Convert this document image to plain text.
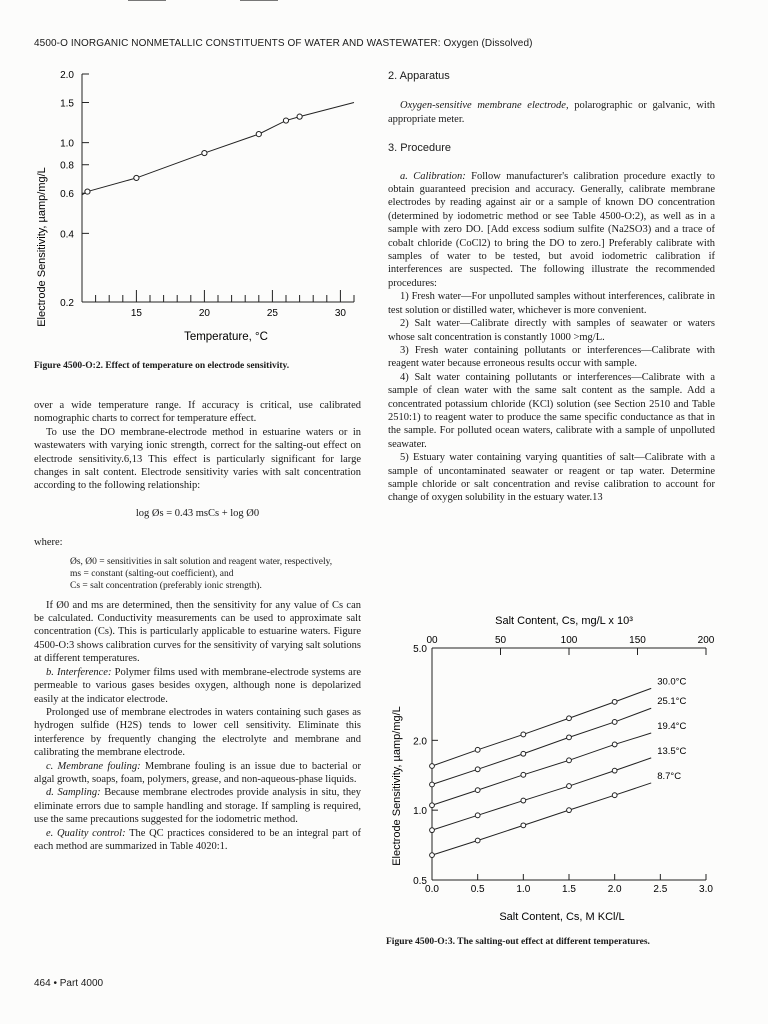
4500-O INORGANIC NONMETALLIC CONSTITUENTS OF WATER AND WASTEWATER: Oxygen (Dissolved)
Electrode Sensitivity, µamp/mg/L 0.2
0.4
0.6
0.8
1.0
1.5
2.0
15	20	25	30
Temperature, °C
Figure 4500-O:2. Effect of temperature on electrode sensitivity.

over a wide temperature range. If accuracy is critical, use calibrated nomographic charts to correct for temperature effect.

To use the DO membrane-electrode method in estuarine waters or in wastewaters with varying ionic strength, correct for the salting-out effect on electrode sensitivity.6,13 This effect is particularly significant for large changes in salt content. Electrode sensitivity varies with salt concentration according to the following relationship:

log Øs = 0.43 msCs + log Ø0

where:

Øs, Ø0 = sensitivities in salt solution and reagent water, respectively,

ms = constant (salting-out coefficient), and

Cs = salt concentration (preferably ionic strength).

If Ø0 and ms are determined, then the sensitivity for any value of Cs can be calculated. Conductivity measurements can be used to approximate salt concentration (Cs). This is particularly applicable to estuarine waters. Figure 4500-O:3 shows calibration curves for the sensitivity of varying salt solutions at different temperatures.

b. Interference: Polymer films used with membrane-electrode systems are permeable to various gases besides oxygen, although none is depolarized easily at the indicator electrode.

Prolonged use of membrane electrodes in waters containing such gases as hydrogen sulfide (H2S) tends to lower cell sensitivity. Eliminate this interference by frequently changing the electrolyte and membrane and calibrating the membrane electrode.

c. Membrane fouling: Membrane fouling is an issue due to bacterial or algal growth, soaps, foam, polymers, grease, and non-aqueous-phase liquids.

d. Sampling: Because membrane electrodes provide analysis in situ, they eliminate errors due to sample handling and storage. If sampling is required, use the same precautions suggested for the iodometric method.

e. Quality control: The QC practices considered to be an integral part of each method are summarized in Table 4020:1.

2. Apparatus

Oxygen-sensitive membrane electrode, polarographic or galvanic, with appropriate meter.

3. Procedure

a. Calibration: Follow manufacturer's calibration procedure exactly to obtain guaranteed precision and accuracy. Generally, calibrate membrane electrodes by reading against air or a sample of known DO concentration (determined by iodometric method or see Table 4500-O:2), as well as in a sample with zero DO. [Add excess sodium sulfite (Na2SO3) and a trace of cobalt chloride (CoCl2) to bring the DO to zero.] Preferably calibrate with samples of water to be tested, but avoid iodometric calibration if interferences are suspected. The following illustrate the recommended procedures:

1) Fresh water—For unpolluted samples without interferences, calibrate in test solution or distilled water, whichever is more convenient.

2) Salt water—Calibrate directly with samples of seawater or waters whose salt concentration is constantly 1000 >mg/L.

3) Fresh water containing pollutants or interferences—Calibrate with reagent water because erroneous results occur with sample.

4) Salt water containing pollutants or interferences—Calibrate with a sample of clean water with the same salt content as the sample. Add a concentrated potassium chloride (KCl) solution (see Section 2510 and Table 2510:1) to reagent water to produce the same specific conductance as that in the sample. For polluted ocean waters, calibrate with a sample of unpolluted seawater.

5) Estuary water containing varying quantities of salt—Calibrate with a sample of uncontaminated seawater or reagent or tap water. Determine sample chloride or salt concentration and revise calibration to account for change of oxygen solubility in the estuary water.13

Salt Content, Cs, mg/L x 10³
Electrode Sensitivity, µamp/mg/L
0.5
1.0
2.0
5.0
0.0	0.5	1.0	1.5	2.0	2.5	3.0
00	50	100	150	200
30.0°C
25.1°C
19.4°C
13.5°C
8.7°C
Salt Content, Cs, M KCl/L
Figure 4500-O:3. The salting-out effect at different temperatures.
464 • Part 4000
